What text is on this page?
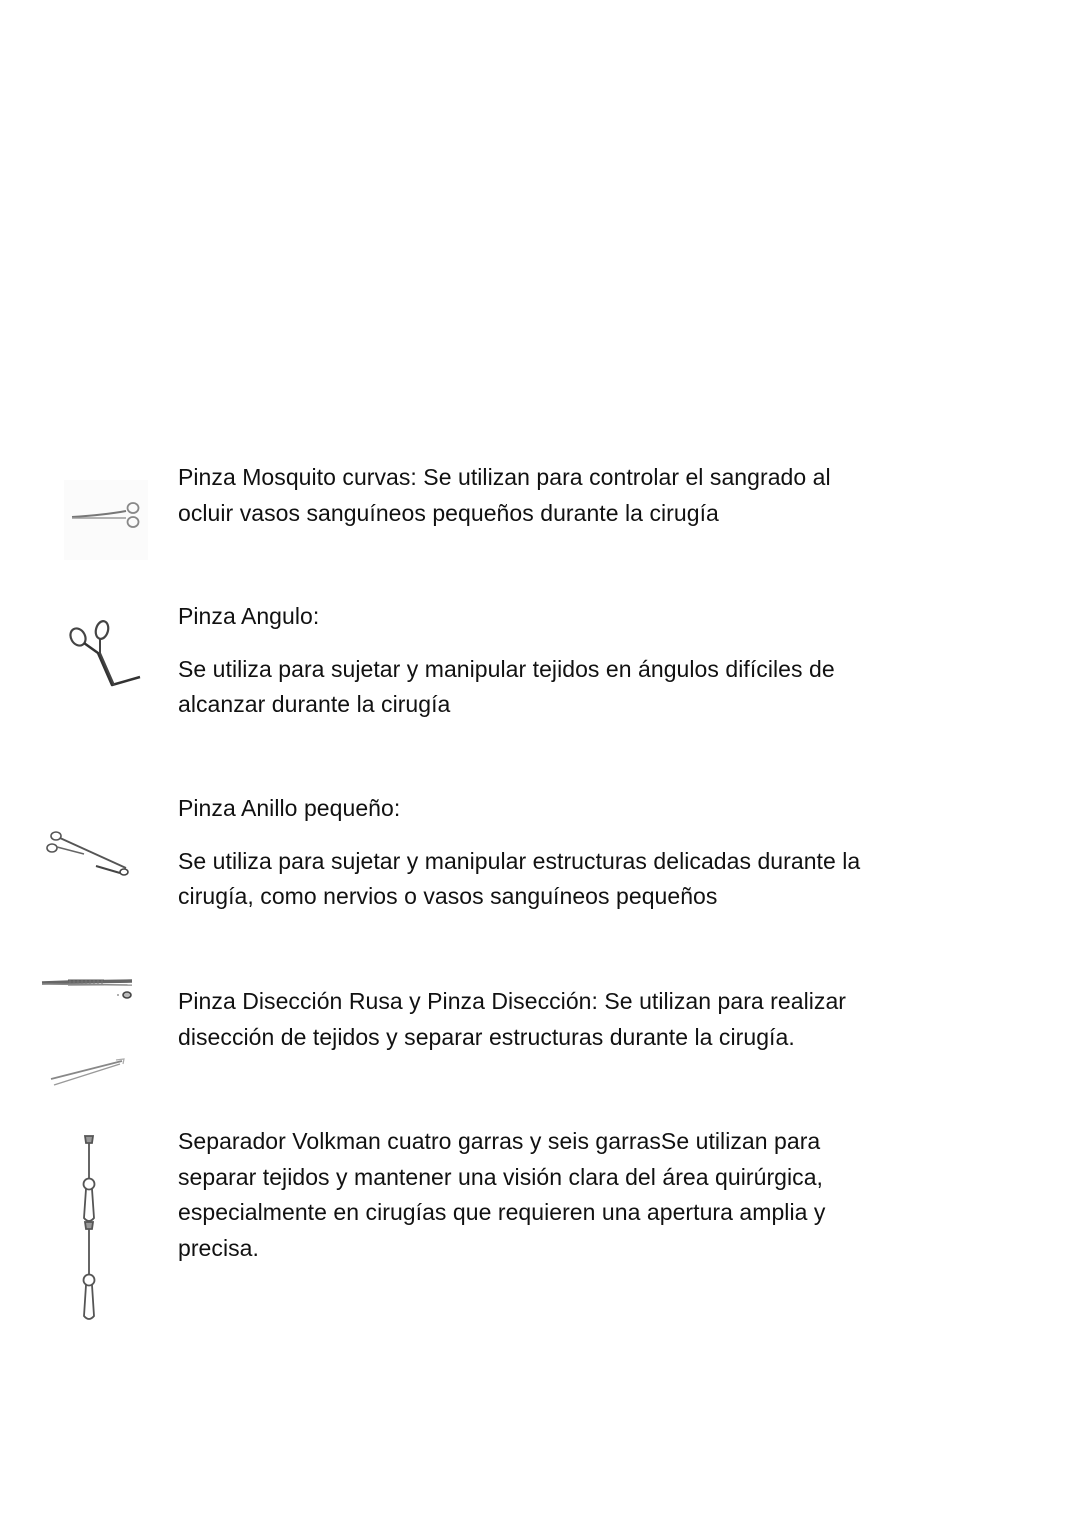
Pinza Mosquito curvas: Se utilizan para controlar el sangrado al

ocluir vasos sanguíneos pequeños durante la cirugía

Pinza Angulo:

Se utiliza para sujetar y manipular tejidos en ángulos difíciles de

alcanzar durante la cirugía

Pinza Anillo pequeño:

Se utiliza para sujetar y manipular estructuras delicadas durante la

cirugía, como nervios o vasos sanguíneos pequeños

Pinza Disección Rusa y Pinza Disección: Se utilizan para realizar

disección de tejidos y separar estructuras durante la cirugía.

Separador Volkman cuatro garras y seis garrasSe utilizan para

separar tejidos y mantener una visión clara del área quirúrgica,

especialmente en cirugías que requieren una apertura amplia y

precisa.
